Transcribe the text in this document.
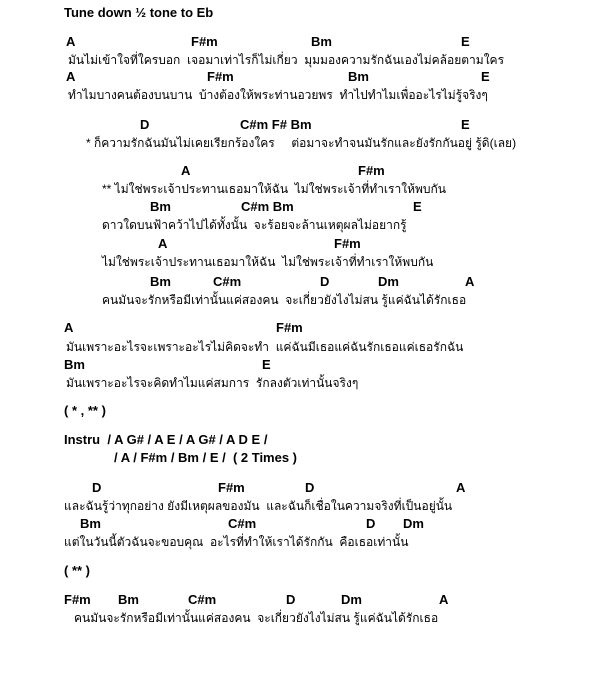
Tune down ½ tone to Eb
A	F#m	Bm	E
มันไม่เข้าใจที่ใครบอก  เจอมาเท่าไรก็ไม่เกี่ยว  มุมมองความรักฉันเองไม่คล้อยตามใคร
A	F#m	Bm	E
ทำไมบางคนต้องบนบาน  บ้างต้องให้พระท่านอวยพร  ทำไปทำไมเพื่ออะไรไม่รู้จริงๆ
D	C#m F# Bm	E
* ก็ความรักฉันมันไม่เคยเรียกร้องใคร     ต่อมาจะทำจนมันรักและยังรักกันอยู่ รู้ดิ(เลย)
A	F#m
** ไม่ใช่พระเจ้าประทานเธอมาให้ฉัน  ไม่ใช่พระเจ้าที่ทำเราให้พบกัน
Bm	C#m Bm	E
ดาวใดบนฟ้าคว้าไปได้ทั้งนั้น  จะร้อยจะล้านเหตุผลไม่อยากรู้
A	F#m
ไม่ใช่พระเจ้าประทานเธอมาให้ฉัน  ไม่ใช่พระเจ้าที่ทำเราให้พบกัน
Bm	C#m	D	Dm	A
คนมันจะรักหรือมีเท่านั้นแค่สองคน  จะเกี่ยวยังไงไม่สน รู้แค่ฉันได้รักเธอ
A	F#m
มันเพราะอะไรจะเพราะอะไรไม่คิดจะทำ  แค่ฉันมีเธอแค่ฉันรักเธอแค่เธอรักฉัน
Bm	E
มันเพราะอะไรจะคิดทำไมแค่สมการ  รักลงตัวเท่านั้นจริงๆ
( * , ** )
Instru  / A G# / A E / A G# / A D E /
/ A / F#m / Bm / E /  ( 2 Times )
D	F#m	D	A
และฉันรู้ว่าทุกอย่าง ยังมีเหตุผลของมัน  และฉันก็เชื่อในความจริงที่เป็นอยู่นั้น
Bm	C#m	D Dm
แต่ในวันนี้ตัวฉันจะขอบคุณ  อะไรที่ทำให้เราได้รักกัน  คือเธอเท่านั้น
( ** )
F#m Bm	C#m	D	Dm	A
คนมันจะรักหรือมีเท่านั้นแค่สองคน  จะเกี่ยวยังไงไม่สน รู้แค่ฉันได้รักเธอ
